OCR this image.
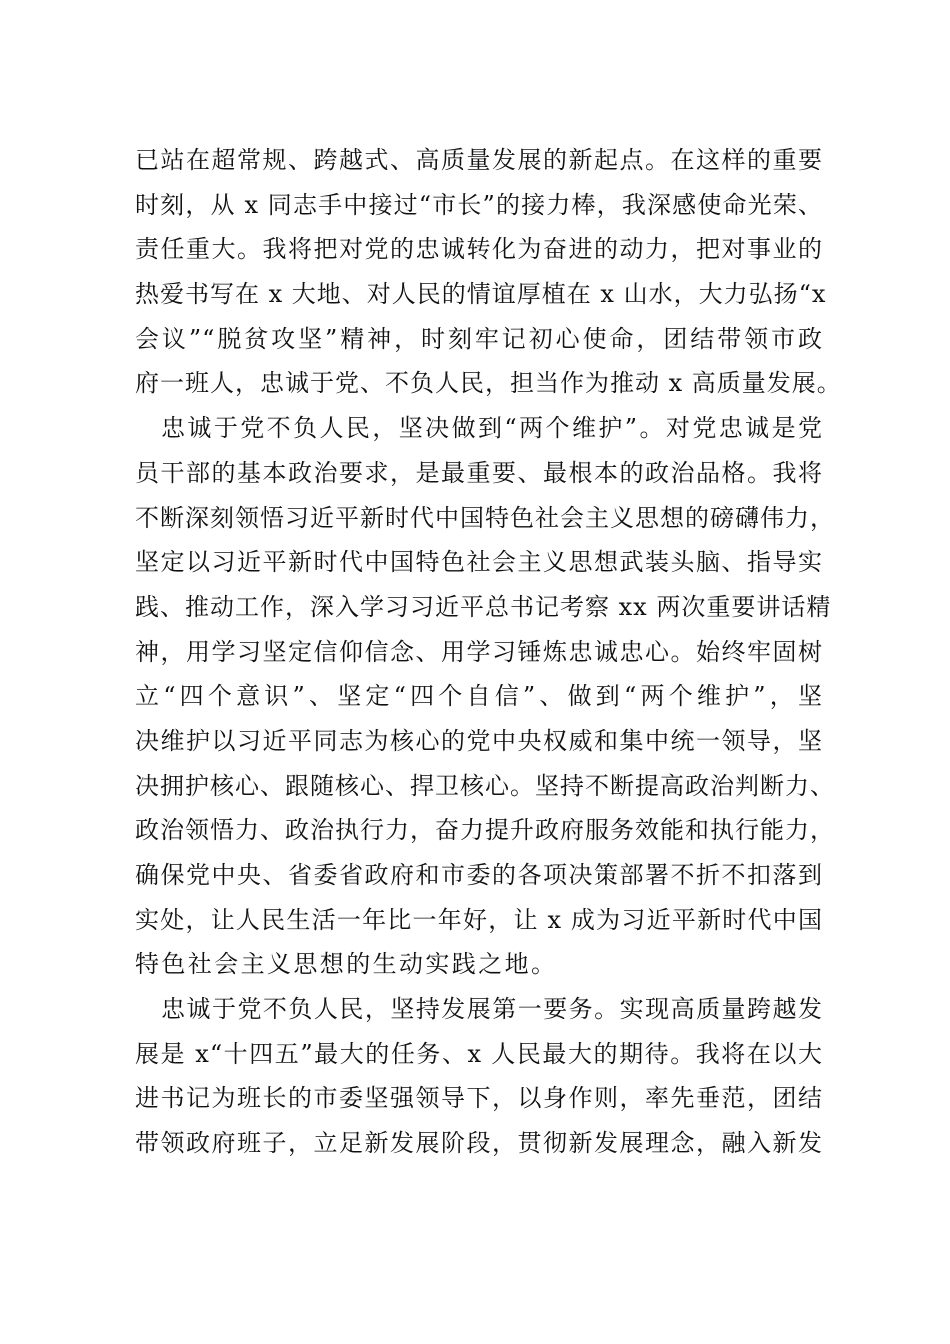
已站在超常规、跨越式、高质量发展的新起点。在这样的重要
时刻，从 x 同志手中接过“市长”的接力棒，我深感使命光荣、
责任重大。我将把对党的忠诚转化为奋进的动力，把对事业的
热爱书写在 x 大地、对人民的情谊厚植在 x 山水，大力弘扬“x
会议”“脱贫攻坚”精神，时刻牢记初心使命，团结带领市政
府一班人，忠诚于党、不负人民，担当作为推动 x 高质量发展。
忠诚于党不负人民，坚决做到“两个维护”。对党忠诚是党
员干部的基本政治要求，是最重要、最根本的政治品格。我将
不断深刻领悟习近平新时代中国特色社会主义思想的磅礴伟力，
坚定以习近平新时代中国特色社会主义思想武装头脑、指导实
践、推动工作，深入学习习近平总书记考察 xx 两次重要讲话精
神，用学习坚定信仰信念、用学习锤炼忠诚忠心。始终牢固树
立“四个意识”、坚定“四个自信”、做到“两个维护”，坚
决维护以习近平同志为核心的党中央权威和集中统一领导，坚
决拥护核心、跟随核心、捍卫核心。坚持不断提高政治判断力、
政治领悟力、政治执行力，奋力提升政府服务效能和执行能力，
确保党中央、省委省政府和市委的各项决策部署不折不扣落到
实处，让人民生活一年比一年好，让 x 成为习近平新时代中国
特色社会主义思想的生动实践之地。
忠诚于党不负人民，坚持发展第一要务。实现高质量跨越发
展是 x“十四五”最大的任务、x 人民最大的期待。我将在以大
进书记为班长的市委坚强领导下，以身作则，率先垂范，团结
带领政府班子，立足新发展阶段，贯彻新发展理念，融入新发
